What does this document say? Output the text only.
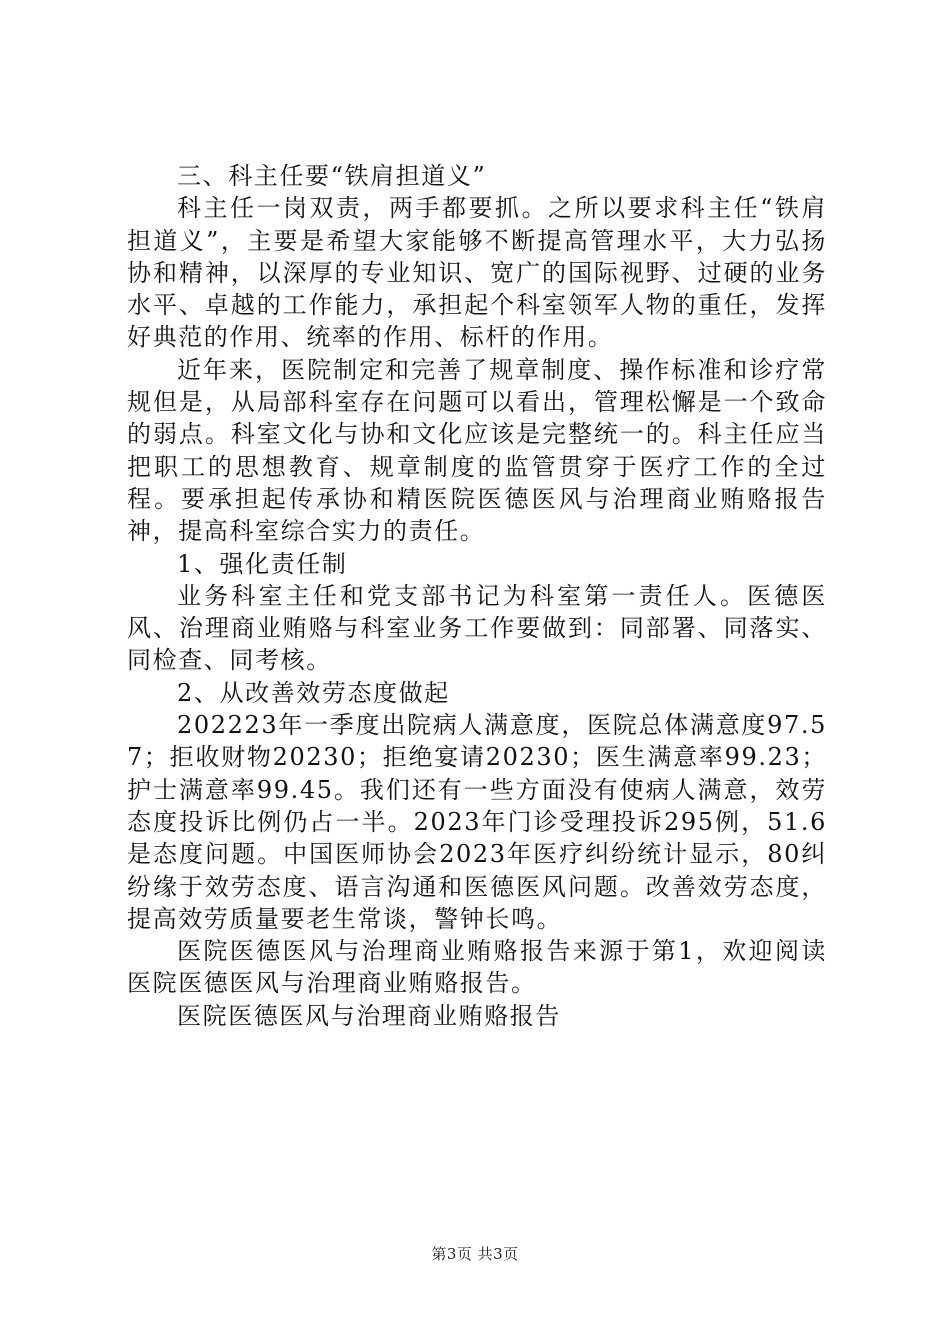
三、科主任要“铁肩担道义”

科主任一岗双责，两手都要抓。之所以要求科主任“铁肩担道义”，主要是希望大家能够不断提高管理水平，大力弘扬协和精神，以深厚的专业知识、宽广的国际视野、过硬的业务水平、卓越的工作能力，承担起个科室领军人物的重任，发挥好典范的作用、统率的作用、标杆的作用。

近年来，医院制定和完善了规章制度、操作标准和诊疗常规但是，从局部科室存在问题可以看出，管理松懈是一个致命的弱点。科室文化与协和文化应该是完整统一的。科主任应当把职工的思想教育、规章制度的监管贯穿于医疗工作的全过程。要承担起传承协和精医院医德医风与治理商业贿赂报告神，提高科室综合实力的责任。

1、强化责任制

业务科室主任和党支部书记为科室第一责任人。医德医风、治理商业贿赂与科室业务工作要做到：同部署、同落实、同检查、同考核。

2、从改善效劳态度做起

202223年一季度出院病人满意度，医院总体满意度97.57；拒收财物20230；拒绝宴请20230；医生满意率99.23；护士满意率99.45。我们还有一些方面没有使病人满意，效劳态度投诉比例仍占一半。2023年门诊受理投诉295例，51.6是态度问题。中国医师协会2023年医疗纠纷统计显示，80纠纷缘于效劳态度、语言沟通和医德医风问题。改善效劳态度，提高效劳质量要老生常谈，警钟长鸣。

医院医德医风与治理商业贿赂报告来源于第1，欢迎阅读医院医德医风与治理商业贿赂报告。

医院医德医风与治理商业贿赂报告

第3页 共3页
